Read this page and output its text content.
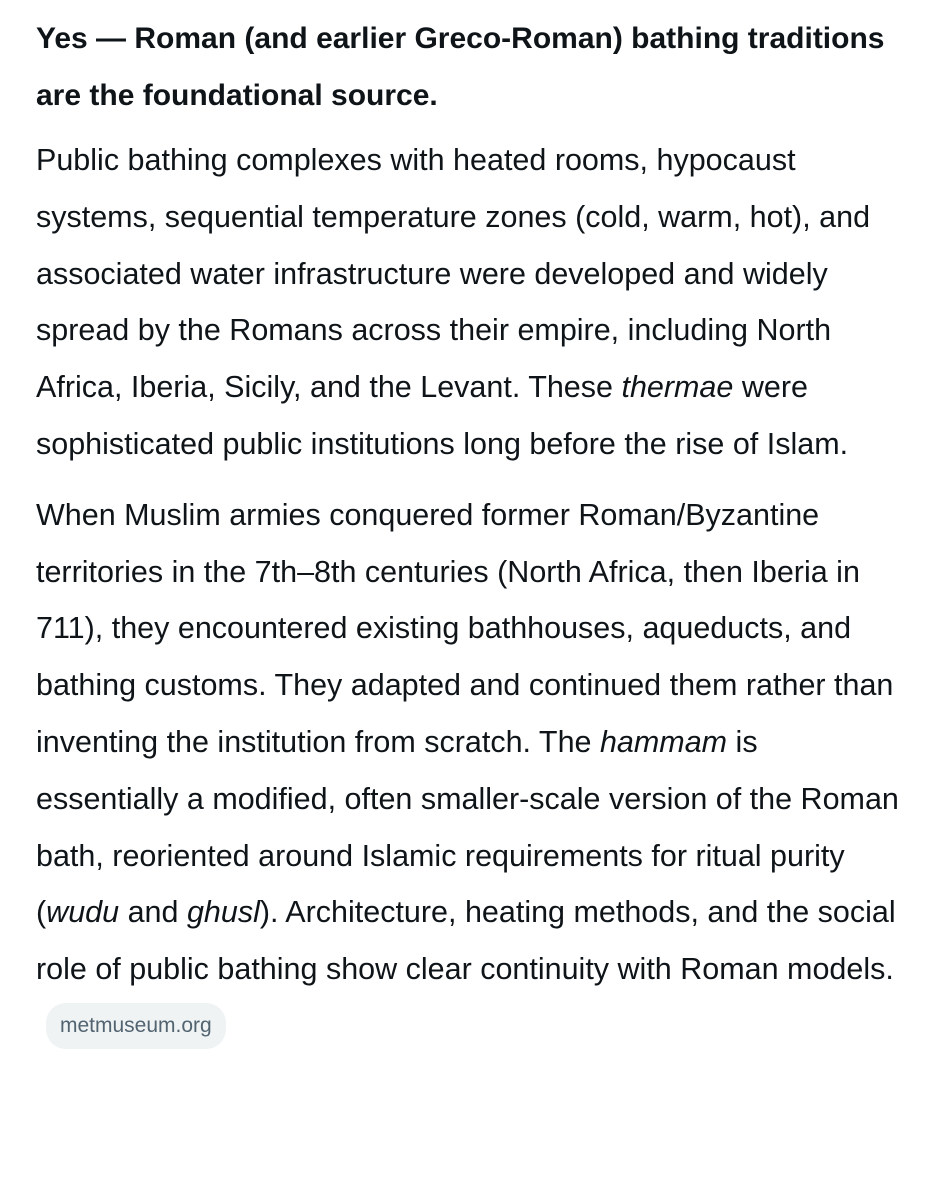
Yes — Roman (and earlier Greco-Roman) bathing traditions are the foundational source.

Public bathing complexes with heated rooms, hypocaust systems, sequential temperature zones (cold, warm, hot), and associated water infrastructure were developed and widely spread by the Romans across their empire, including North Africa, Iberia, Sicily, and the Levant. These thermae were sophisticated public institutions long before the rise of Islam.

When Muslim armies conquered former Roman/Byzantine territories in the 7th–8th centuries (North Africa, then Iberia in 711), they encountered existing bathhouses, aqueducts, and bathing customs. They adapted and continued them rather than inventing the institution from scratch. The hammam is essentially a modified, often smaller-scale version of the Roman bath, reoriented around Islamic requirements for ritual purity (wudu and ghusl). Architecture, heating methods, and the social role of public bathing show clear continuity with Roman models.metmuseum.org
